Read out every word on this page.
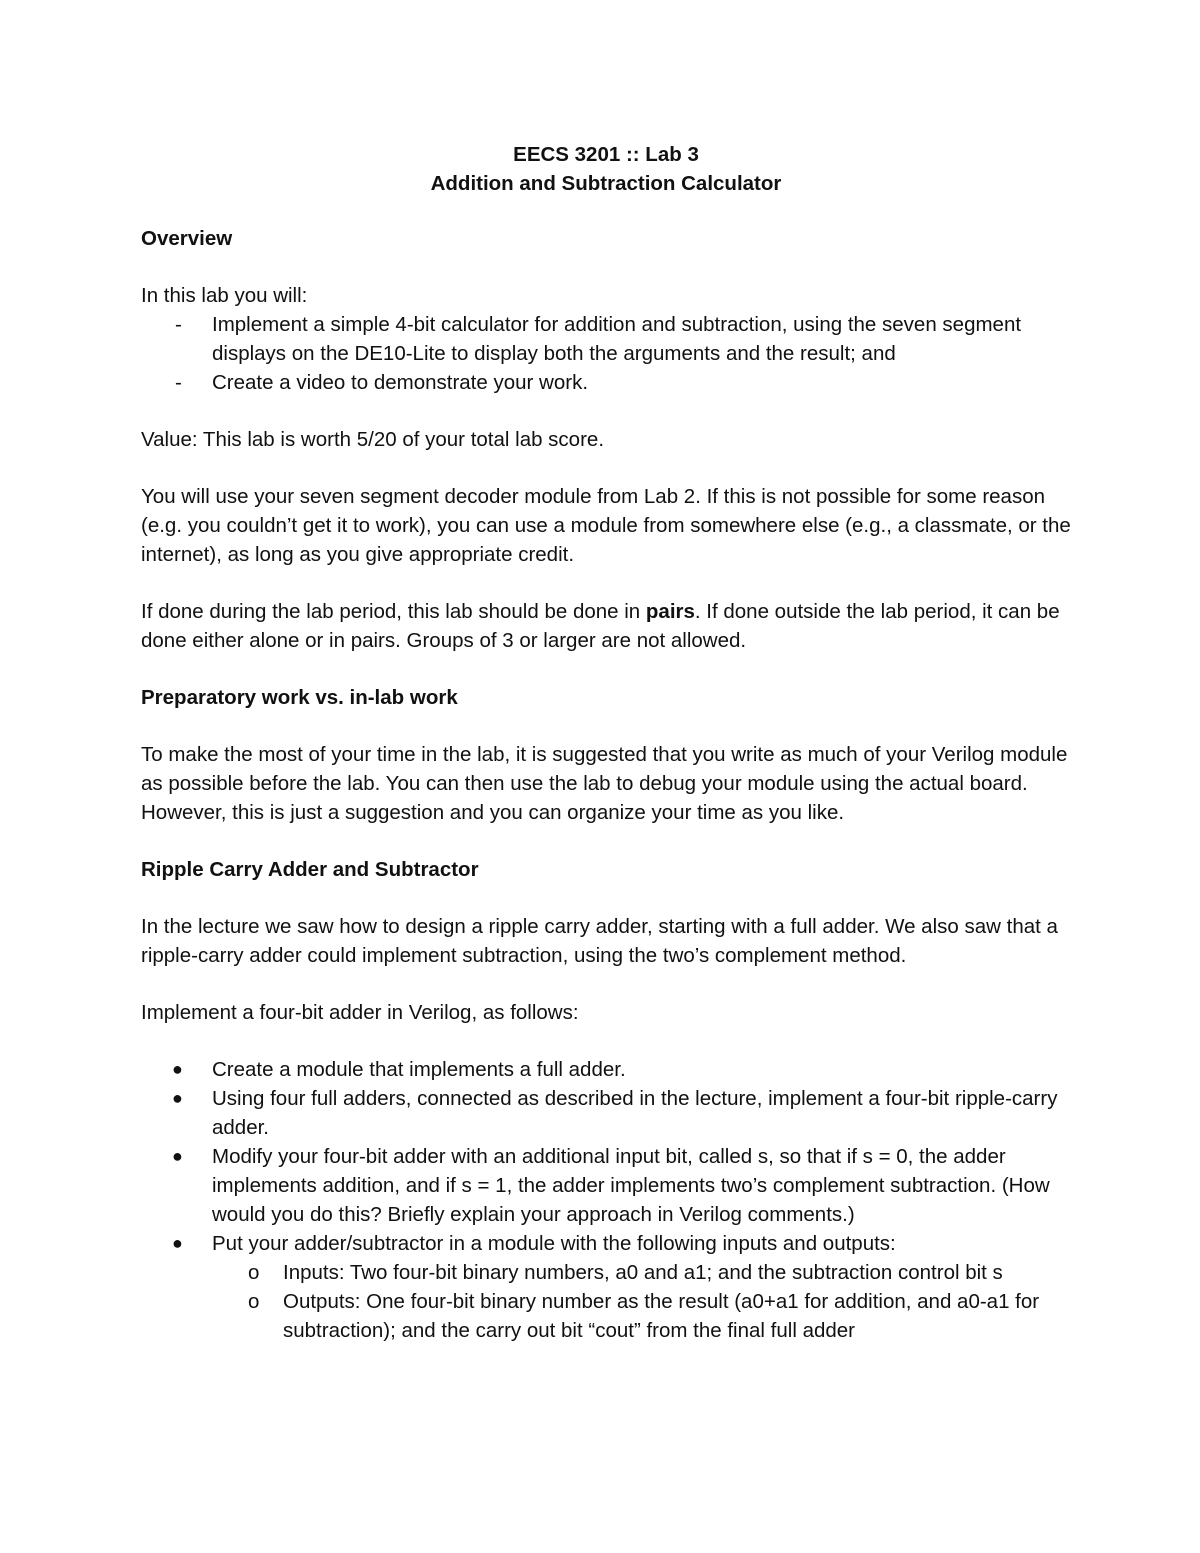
EECS 3201 :: Lab 3
Addition and Subtraction Calculator
Overview
In this lab you will:
- Implement a simple 4-bit calculator for addition and subtraction, using the seven segment displays on the DE10-Lite to display both the arguments and the result; and
- Create a video to demonstrate your work.

Value: This lab is worth 5/20 of your total lab score.

You will use your seven segment decoder module from Lab 2. If this is not possible for some reason (e.g. you couldn’t get it to work), you can use a module from somewhere else (e.g., a classmate, or the internet), as long as you give appropriate credit.

If done during the lab period, this lab should be done in pairs. If done outside the lab period, it can be done either alone or in pairs. Groups of 3 or larger are not allowed.

Preparatory work vs. in-lab work

To make the most of your time in the lab, it is suggested that you write as much of your Verilog module as possible before the lab. You can then use the lab to debug your module using the actual board. However, this is just a suggestion and you can organize your time as you like.

Ripple Carry Adder and Subtractor

In the lecture we saw how to design a ripple carry adder, starting with a full adder. We also saw that a ripple-carry adder could implement subtraction, using the two’s complement method.

Implement a four-bit adder in Verilog, as follows:

● Create a module that implements a full adder.
● Using four full adders, connected as described in the lecture, implement a four-bit ripple-carry adder.
● Modify your four-bit adder with an additional input bit, called s, so that if s = 0, the adder implements addition, and if s = 1, the adder implements two’s complement subtraction. (How would you do this? Briefly explain your approach in Verilog comments.)
● Put your adder/subtractor in a module with the following inputs and outputs:
o Inputs: Two four-bit binary numbers, a0 and a1; and the subtraction control bit s
o Outputs: One four-bit binary number as the result (a0+a1 for addition, and a0-a1 for subtraction); and the carry out bit “cout” from the final full adder
